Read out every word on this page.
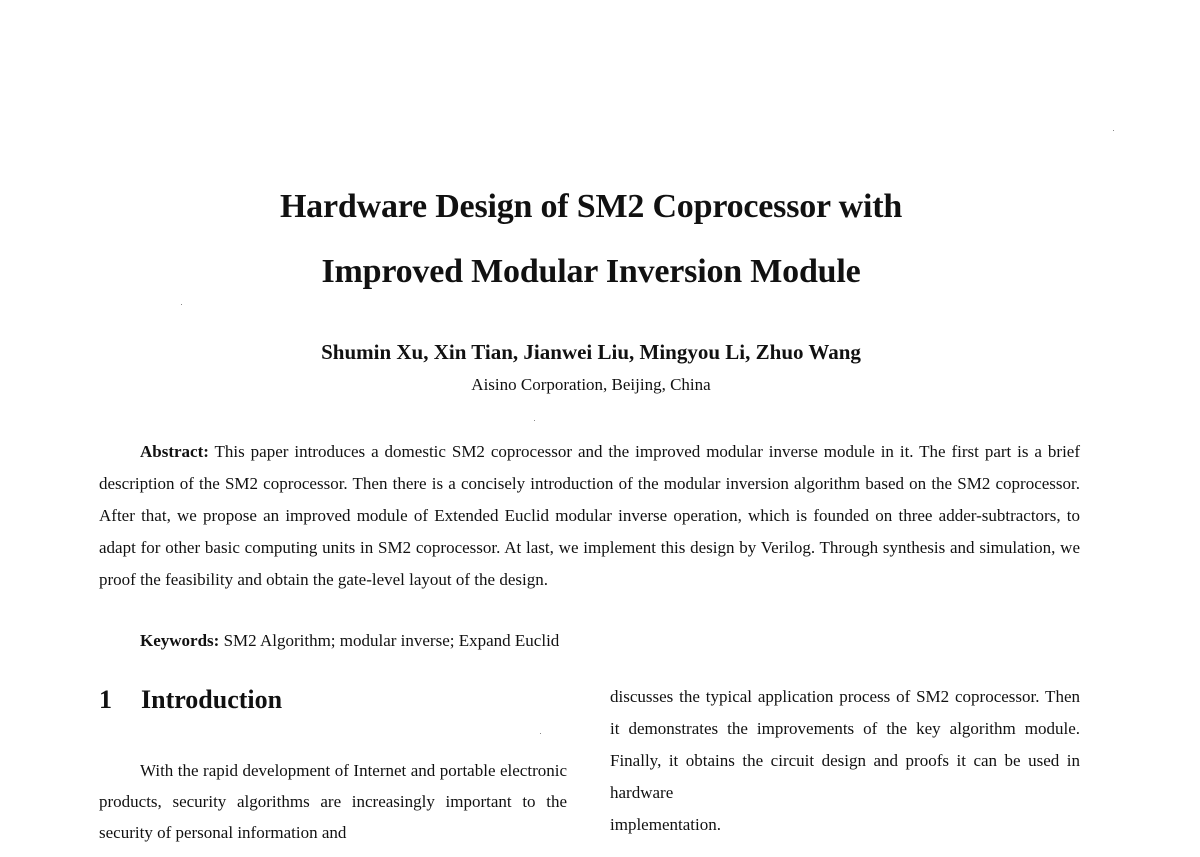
Hardware Design of SM2 Coprocessor with
Improved Modular Inversion Module
Shumin Xu, Xin Tian, Jianwei Liu, Mingyou Li, Zhuo Wang
Aisino Corporation, Beijing, China

Abstract: This paper introduces a domestic SM2 coprocessor and the improved modular inverse module in it. The first part is a brief description of the SM2 coprocessor. Then there is a concisely introduction of the modular inversion algorithm based on the SM2 coprocessor. After that, we propose an improved module of Extended Euclid modular inverse operation, which is founded on three adder-subtractors, to adapt for other basic computing units in SM2 coprocessor. At last, we implement this design by Verilog. Through synthesis and simulation, we proof the feasibility and obtain the gate-level layout of the design.

Keywords: SM2 Algorithm; modular inverse; Expand Euclid

1 Introduction

With the rapid development of Internet and portable electronic products, security algorithms are increasingly important to the security of personal information and

discusses the typical application process of SM2 coprocessor. Then it demonstrates the improvements of the key algorithm module. Finally, it obtains the circuit design and proofs it can be used in hardware
implementation.
